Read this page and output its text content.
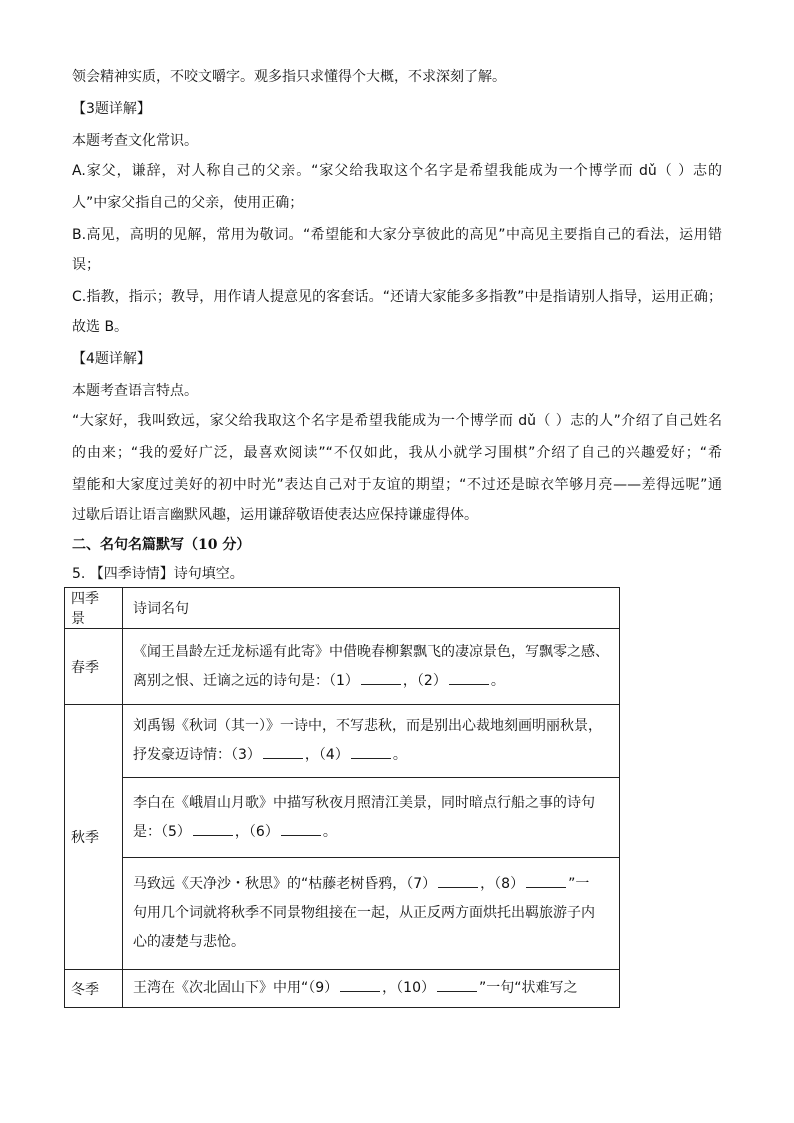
领会精神实质，不咬文嚼字。观多指只求懂得个大概，不求深刻了解。
【3题详解】
本题考查文化常识。
A.家父，谦辞，对人称自己的父亲。“家父给我取这个名字是希望我能成为一个博学而 dǔ（ ）志的
人”中家父指自己的父亲，使用正确；
B.高见，高明的见解，常用为敬词。“希望能和大家分享彼此的高见”中高见主要指自己的看法，运用错
误；
C.指教，指示；教导，用作请人提意见的客套话。“还请大家能多多指教”中是指请别人指导，运用正确；
故选 B。
【4题详解】
本题考查语言特点。
“大家好，我叫致远，家父给我取这个名字是希望我能成为一个博学而 dǔ（ ）志的人”介绍了自己姓名
的由来；“我的爱好广泛，最喜欢阅读”“不仅如此，我从小就学习围棋”介绍了自己的兴趣爱好；“希
望能和大家度过美好的初中时光”表达自己对于友谊的期望；“不过还是晾衣竿够月亮——差得远呢”通
过歇后语让语言幽默风趣，运用谦辞敬语使表达应保持谦虚得体。
二、名句名篇默写（10 分）
5. 【四季诗情】诗句填空。
四季景	诗词名句
春季	《闻王昌龄左迁龙标遥有此寄》中借晚春柳絮飘飞的凄凉景色，写飘零之感、
离别之恨、迁谪之远的诗句是：（1） ，（2） 。

秋季	刘禹锡《秋词（其一）》一诗中，不写悲秋，而是别出心裁地刻画明丽秋景，
抒发豪迈诗情：（3） ，（4） 。

	李白在《峨眉山月歌》中描写秋夜月照清江美景，同时暗点行船之事的诗句
是：（5） ，（6） 。

	马致远《天净沙・秋思》的“枯藤老树昏鸦，（7） ，（8） ”一
句用几个词就将秋季不同景物组接在一起，从正反两方面烘托出羁旅游子内
心的凄楚与悲怆。

冬季	王湾在《次北固山下》中用“（9） ，（10） ”一句“状难写之
